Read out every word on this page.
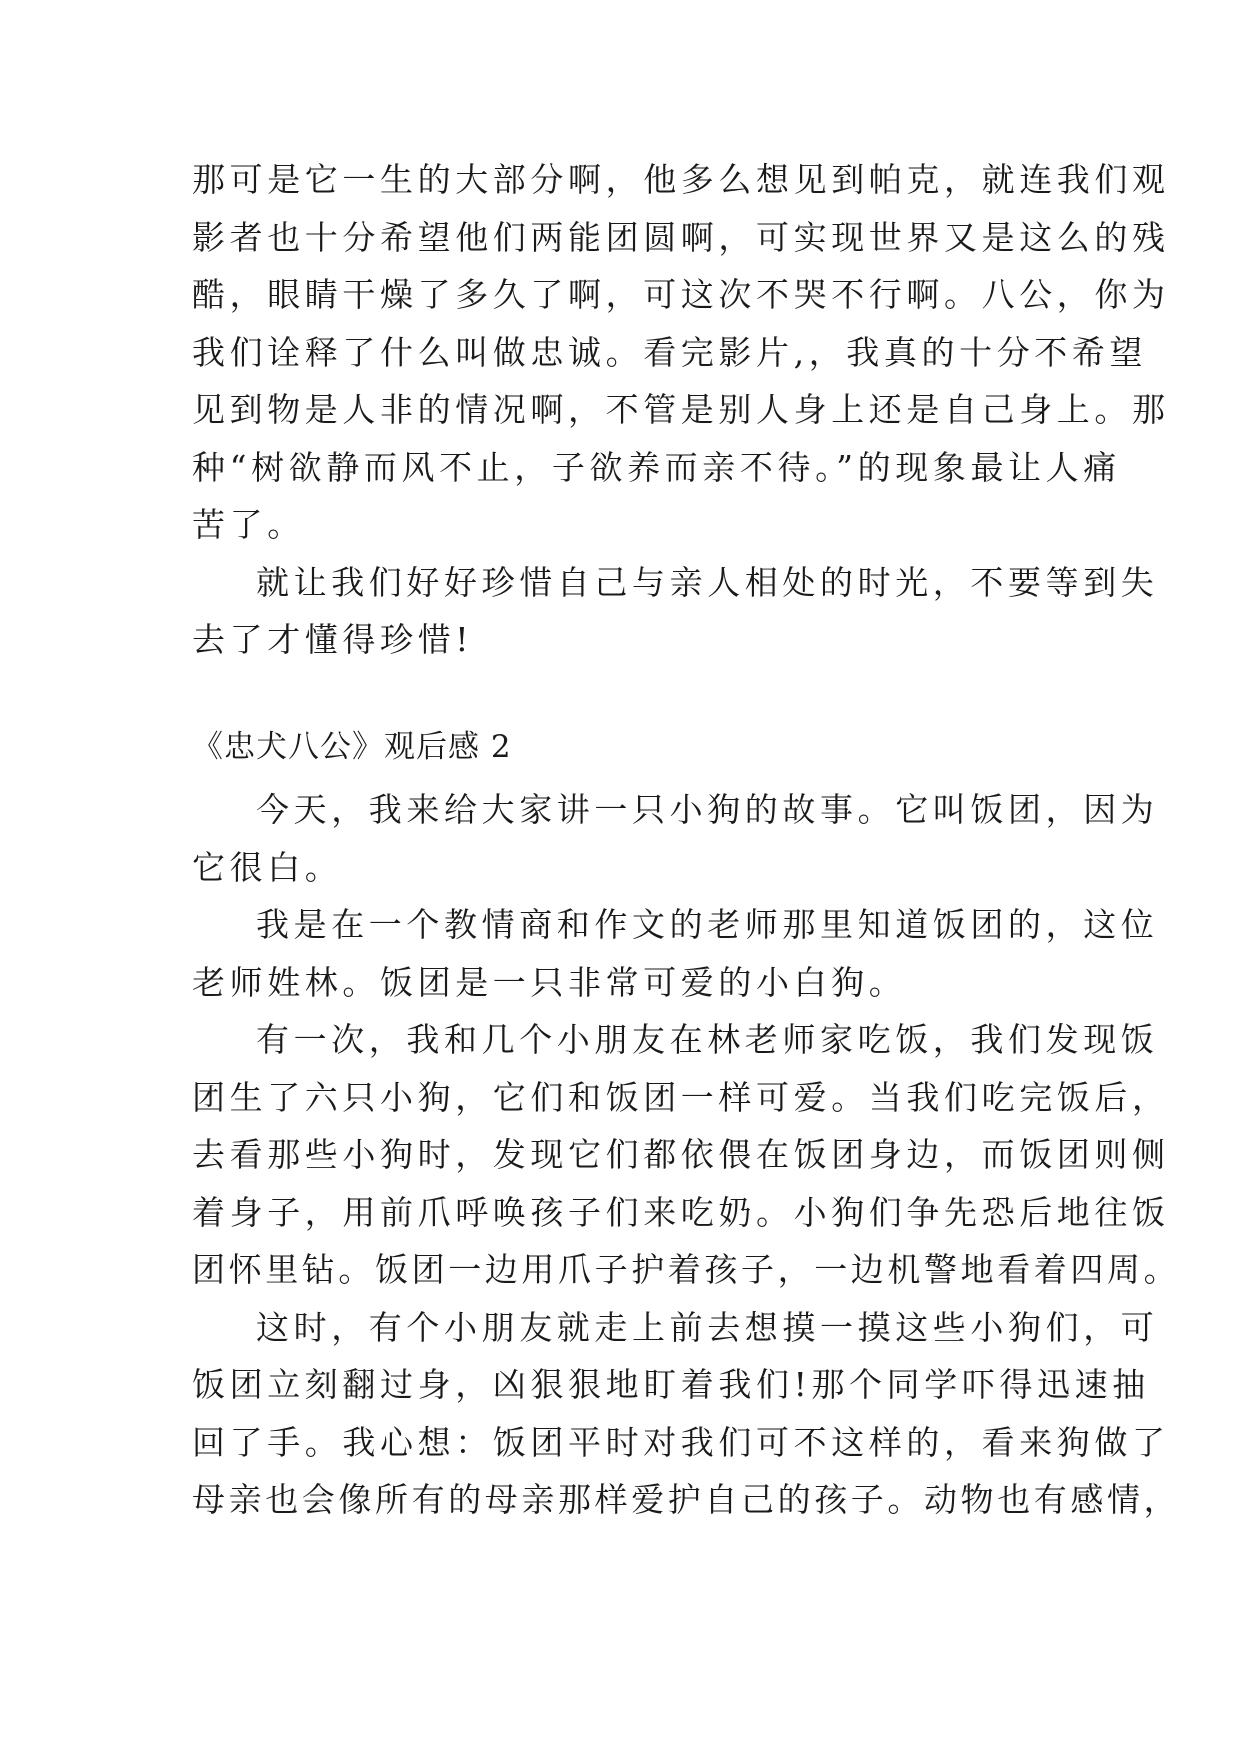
那可是它一生的大部分啊，他多么想见到帕克，就连我们观
影者也十分希望他们两能团圆啊，可实现世界又是这么的残
酷，眼睛干燥了多久了啊，可这次不哭不行啊。八公，你为
我们诠释了什么叫做忠诚。看完影片,，我真的十分不希望
见到物是人非的情况啊，不管是别人身上还是自己身上。那
种“树欲静而风不止，子欲养而亲不待。”的现象最让人痛
苦了。
就让我们好好珍惜自己与亲人相处的时光，不要等到失
去了才懂得珍惜!
《忠犬八公》观后感 2
今天，我来给大家讲一只小狗的故事。它叫饭团，因为
它很白。
我是在一个教情商和作文的老师那里知道饭团的，这位
老师姓林。饭团是一只非常可爱的小白狗。
有一次，我和几个小朋友在林老师家吃饭，我们发现饭
团生了六只小狗，它们和饭团一样可爱。当我们吃完饭后，
去看那些小狗时，发现它们都依偎在饭团身边，而饭团则侧
着身子，用前爪呼唤孩子们来吃奶。小狗们争先恐后地往饭
团怀里钻。饭团一边用爪子护着孩子，一边机警地看着四周。
这时，有个小朋友就走上前去想摸一摸这些小狗们，可
饭团立刻翻过身，凶狠狠地盯着我们!那个同学吓得迅速抽
回了手。我心想：饭团平时对我们可不这样的，看来狗做了
母亲也会像所有的母亲那样爱护自己的孩子。动物也有感情，
